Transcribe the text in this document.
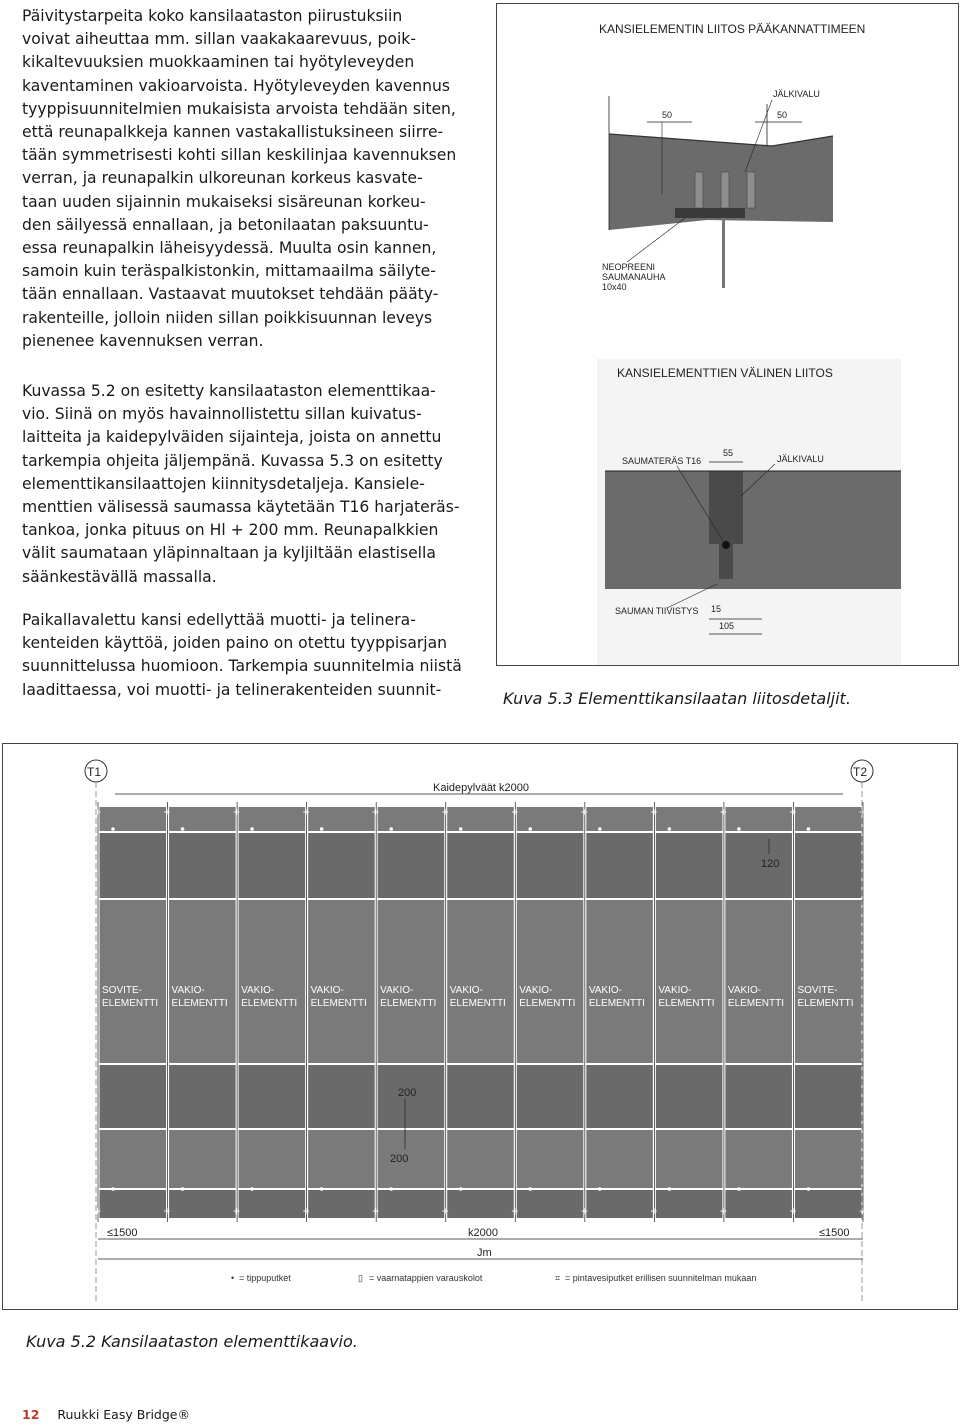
Päivitystarpeita koko kansilaataston piirustuksiin
voivat aiheuttaa mm. sillan vaakakaarevuus, poik-
kikaltevuuksien muokkaaminen tai hyötyleveyden
kaventaminen vakioarvoista. Hyötyleveyden kavennus
tyyppisuunnitelmien mukaisista arvoista tehdään siten,
että reunapalkkeja kannen vastakallistuksineen siirre-
tään symmetrisesti kohti sillan keskilinjaa kavennuksen
verran, ja reunapalkin ulkoreunan korkeus kasvate-
taan uuden sijainnin mukaiseksi sisäreunan korkeu-
den säilyessä ennallaan, ja betonilaatan paksuuntu-
essa reunapalkin läheisyydessä. Muulta osin kannen,
samoin kuin teräspalkistonkin, mittamaailma säilyte-
tään ennallaan. Vastaavat muutokset tehdään pääty-
rakenteille, jolloin niiden sillan poikkisuunnan leveys
pienenee kavennuksen verran.
Kuvassa 5.2 on esitetty kansilaataston elementtikaa-
vio. Siinä on myös havainnollistettu sillan kuivatus-
laitteita ja kaidepylväiden sijainteja, joista on annettu
tarkempia ohjeita jäljempänä. Kuvassa 5.3 on esitetty
elementtikansilaattojen kiinnitysdetaljeja. Kansiele-
menttien välisessä saumassa käytetään T16 harjateräs-
tankoa, jonka pituus on Hl + 200 mm. Reunapalkkien
välit saumataan yläpinnaltaan ja kyljiltään elastisella
säänkestävällä massalla.
Paikallavalettu kansi edellyttää muotti- ja telinera-
kenteiden käyttöä, joiden paino on otettu tyyppisarjan
suunnittelussa huomioon. Tarkempia suunnitelmia niistä
laadittaessa, voi muotti- ja telinerakenteiden suunnit-
KANSIELEMENTIN LIITOS PÄÄKANNATTIMEEN
50	50
JÄLKIVALU
NEOPREENI
SAUMANAUHA
10x40
KANSIELEMENTTIEN VÄLINEN LIITOS
SAUMATERÄS T16
55
JÄLKIVALU
SAUMAN TIIVISTYS 15
105
Kuva 5.3 Elementtikansilaatan liitosdetaljit.
+	+	+	+	+	+	+	+	+	+	+	+
+	+	+	+	+	+	+	+	+	+	+	+
SOVITE-
ELEMENTTI
VAKIO-
ELEMENTTI
VAKIO-
ELEMENTTI
VAKIO-
ELEMENTTI
VAKIO-
ELEMENTTI
VAKIO-
ELEMENTTI
VAKIO-
ELEMENTTI
VAKIO-
ELEMENTTI
VAKIO-
ELEMENTTI
VAKIO-
ELEMENTTI
SOVITE-
ELEMENTTI
T1	T2
Kaidepylväät k2000
120
200
200
≤1500	k2000	≤1500
Jm
• = tippuputket	▯ = vaarnatappien varauskolot	⌗ = pintavesiputket erillisen suunnitelman mukaan
Kuva 5.2 Kansilaataston elementtikaavio.
12 Ruukki Easy Bridge®
